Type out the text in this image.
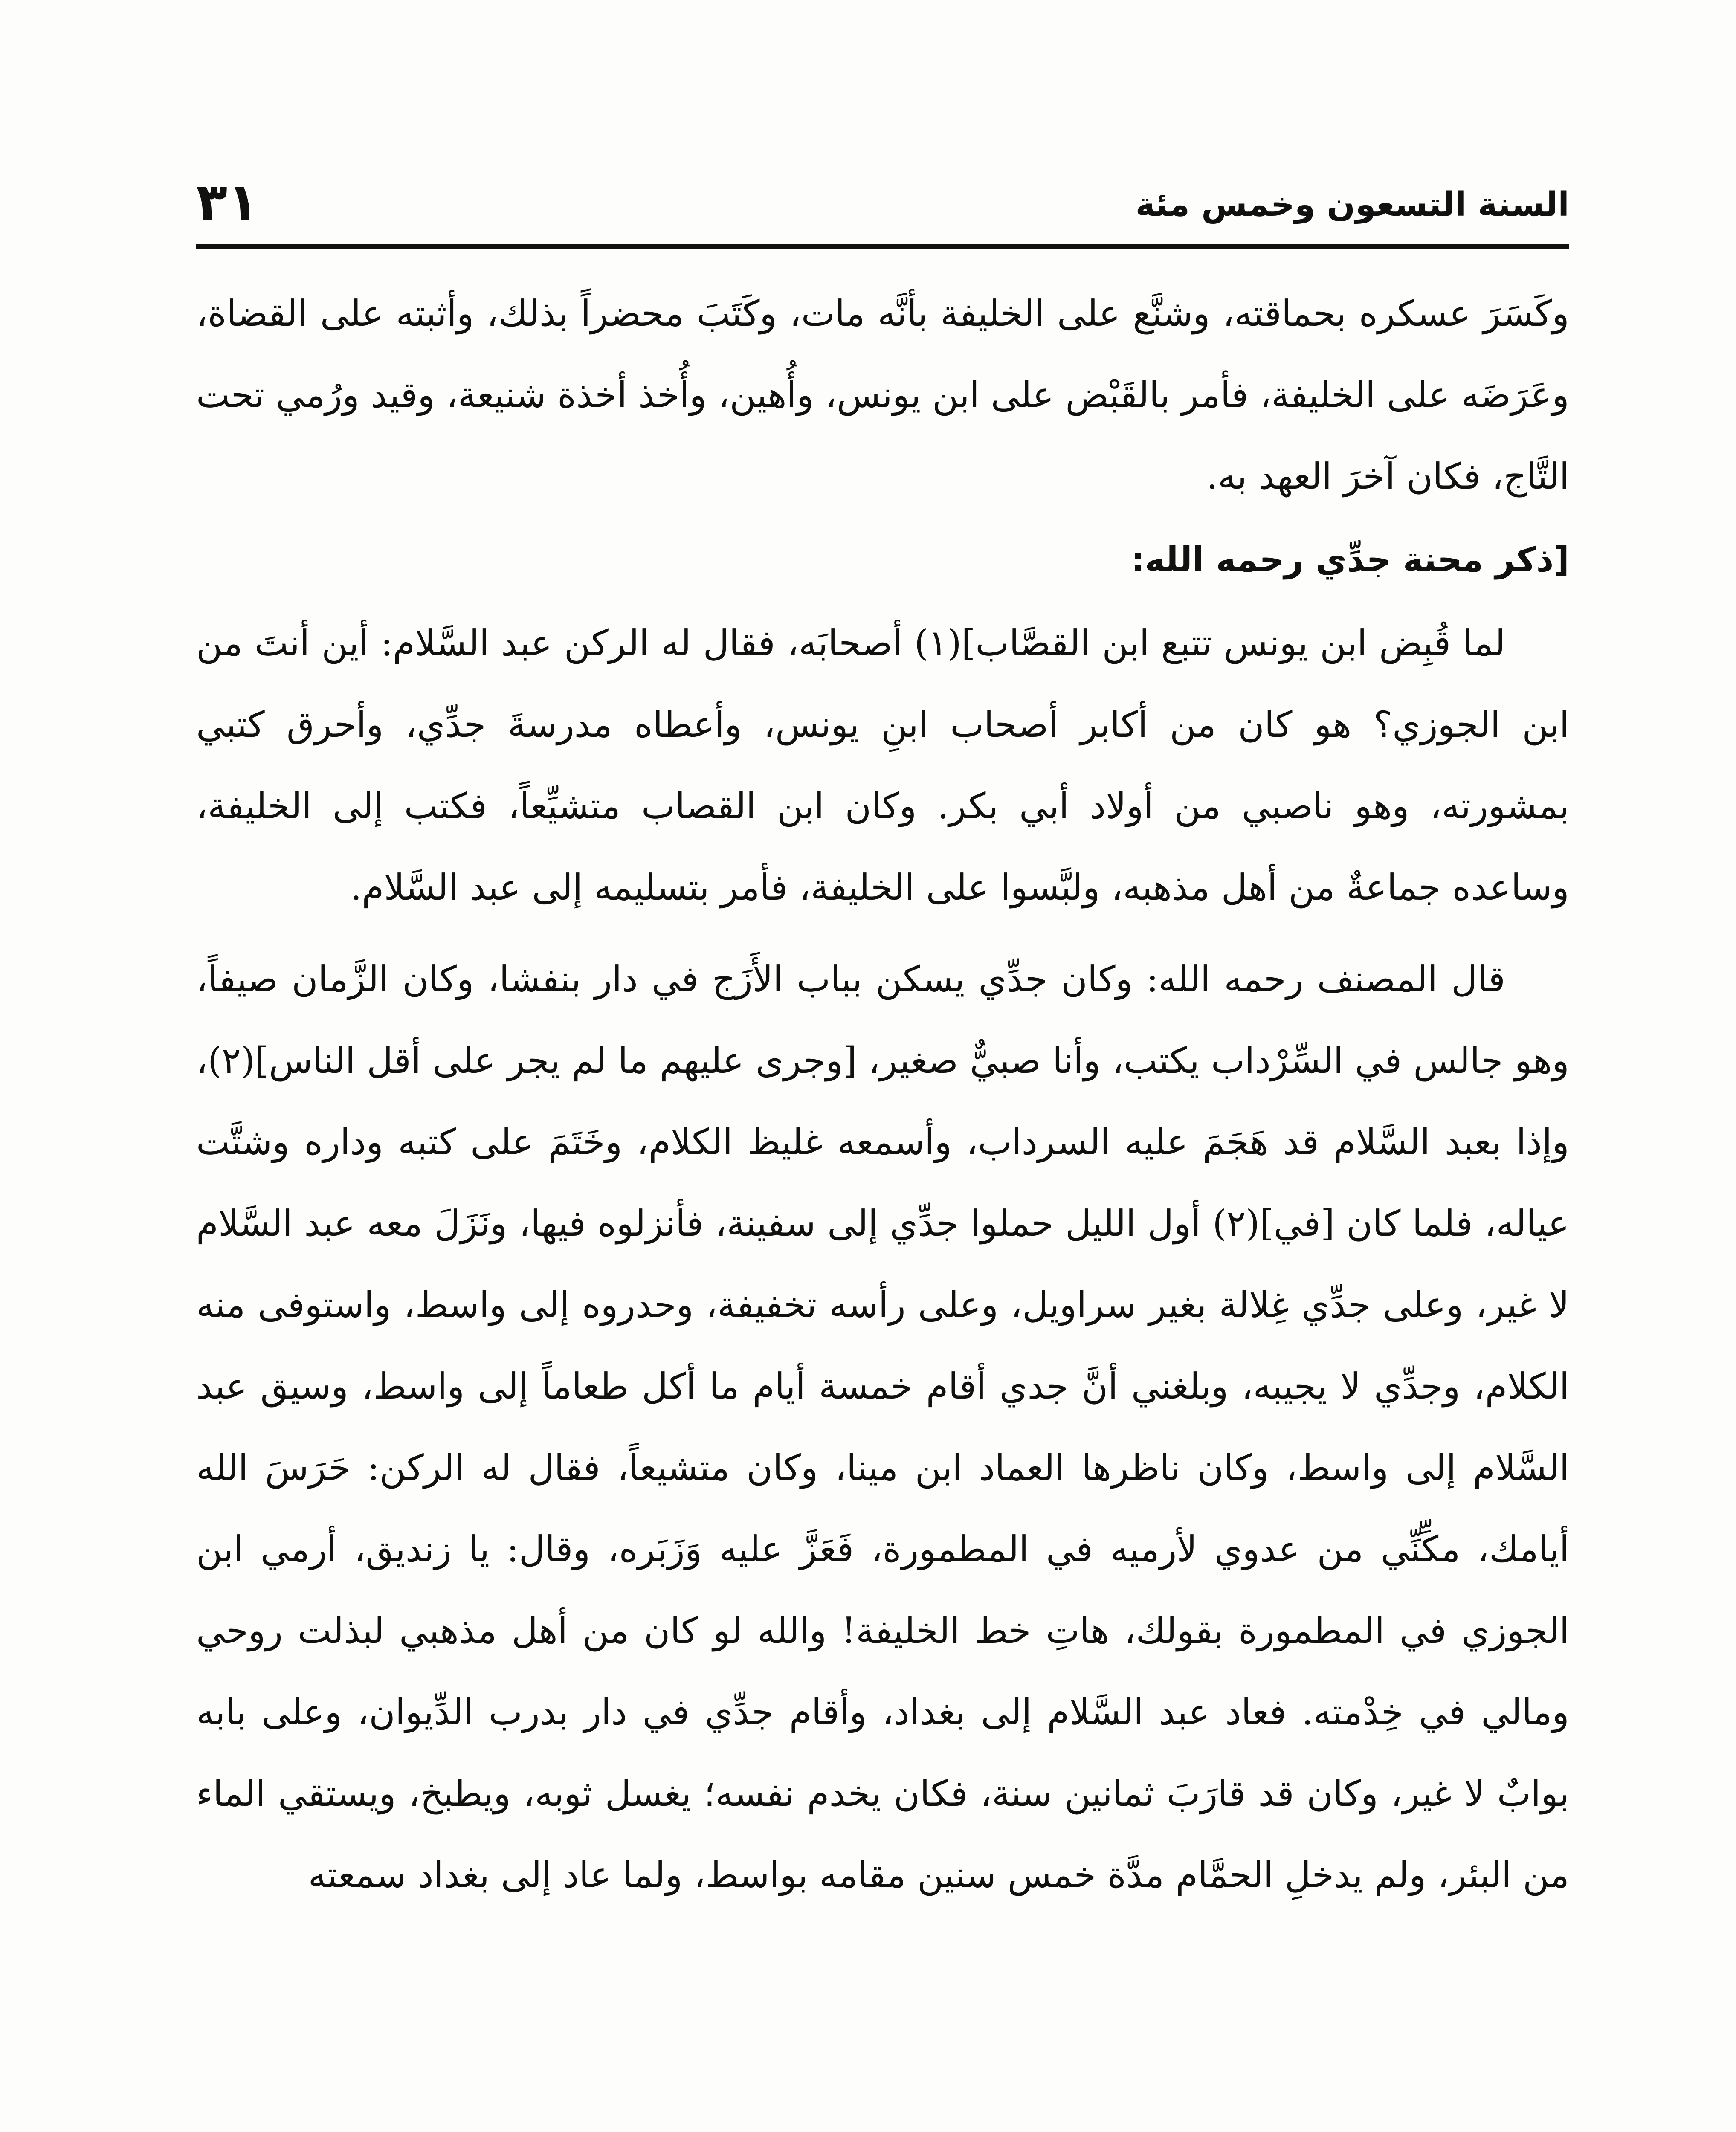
السنة التسعون وخمس مئة
٣١

وكَسَرَ عسكره بحماقته، وشنَّع على الخليفة بأنَّه مات، وكَتَبَ محضراً بذلك، وأثبته على القضاة، وعَرَضَه على الخليفة، فأمر بالقَبْض على ابن يونس، وأُهين، وأُخذ أخذة شنيعة، وقيد ورُمي تحت التَّاج، فكان آخرَ العهد به.

[ذكر محنة جدِّي رحمه الله:

لما قُبِض ابن يونس تتبع ابن القصَّاب](١) أصحابَه، فقال له الركن عبد السَّلام: أين أنتَ من ابن الجوزي؟ هو كان من أكابر أصحاب ابنِ يونس، وأعطاه مدرسةَ جدِّي، وأحرق كتبي بمشورته، وهو ناصبي من أولاد أبي بكر. وكان ابن القصاب متشيِّعاً، فكتب إلى الخليفة، وساعده جماعةٌ من أهل مذهبه، ولبَّسوا على الخليفة، فأمر بتسليمه إلى عبد السَّلام.

قال المصنف رحمه الله: وكان جدِّي يسكن بباب الأَزَج في دار بنفشا، وكان الزَّمان صيفاً، وهو جالس في السِّرْداب يكتب، وأنا صبيٌّ صغير، [وجرى عليهم ما لم يجر على أقل الناس](٢)، وإذا بعبد السَّلام قد هَجَمَ عليه السرداب، وأسمعه غليظ الكلام، وخَتَمَ على كتبه وداره وشتَّت عياله، فلما كان [في](٢) أول الليل حملوا جدِّي إلى سفينة، فأنزلوه فيها، ونَزَلَ معه عبد السَّلام لا غير، وعلى جدِّي غِلالة بغير سراويل، وعلى رأسه تخفيفة، وحدروه إلى واسط، واستوفى منه الكلام، وجدِّي لا يجيبه، وبلغني أنَّ جدي أقام خمسة أيام ما أكل طعاماً إلى واسط، وسيق عبد السَّلام إلى واسط، وكان ناظرها العماد ابن مينا، وكان متشيعاً، فقال له الركن: حَرَسَ الله أيامك، مكِّنِّي من عدوي لأرميه في المطمورة، فَعَزَّ عليه وَزَبَره، وقال: يا زنديق، أرمي ابن الجوزي في المطمورة بقولك، هاتِ خط الخليفة! والله لو كان من أهل مذهبي لبذلت روحي ومالي في خِدْمته. فعاد عبد السَّلام إلى بغداد، وأقام جدِّي في دار بدرب الدِّيوان، وعلى بابه بوابٌ لا غير، وكان قد قارَبَ ثمانين سنة، فكان يخدم نفسه؛ يغسل ثوبه، ويطبخ، ويستقي الماء من البئر، ولم يدخلِ الحمَّام مدَّة خمس سنين مقامه بواسط، ولما عاد إلى بغداد سمعته
